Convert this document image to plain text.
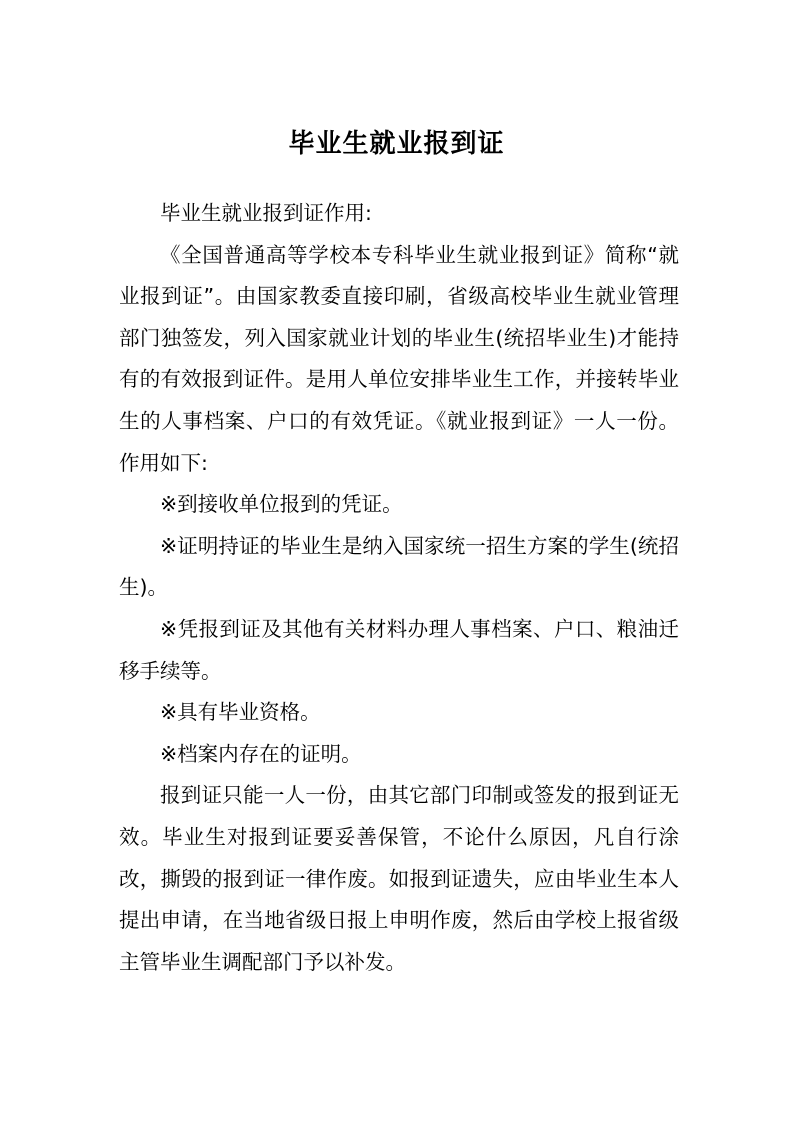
毕业生就业报到证

毕业生就业报到证作用:

《全国普通高等学校本专科毕业生就业报到证》简称“就业报到证”。由国家教委直接印刷，省级高校毕业生就业管理部门独签发，列入国家就业计划的毕业生(统招毕业生)才能持有的有效报到证件。是用人单位安排毕业生工作，并接转毕业生的人事档案、户口的有效凭证。《就业报到证》一人一份。作用如下:

※到接收单位报到的凭证。

※证明持证的毕业生是纳入国家统一招生方案的学生(统招生)。

※凭报到证及其他有关材料办理人事档案、户口、粮油迁移手续等。

※具有毕业资格。

※档案内存在的证明。

报到证只能一人一份，由其它部门印制或签发的报到证无效。毕业生对报到证要妥善保管，不论什么原因，凡自行涂改，撕毁的报到证一律作废。如报到证遗失，应由毕业生本人提出申请，在当地省级日报上申明作废，然后由学校上报省级主管毕业生调配部门予以补发。
